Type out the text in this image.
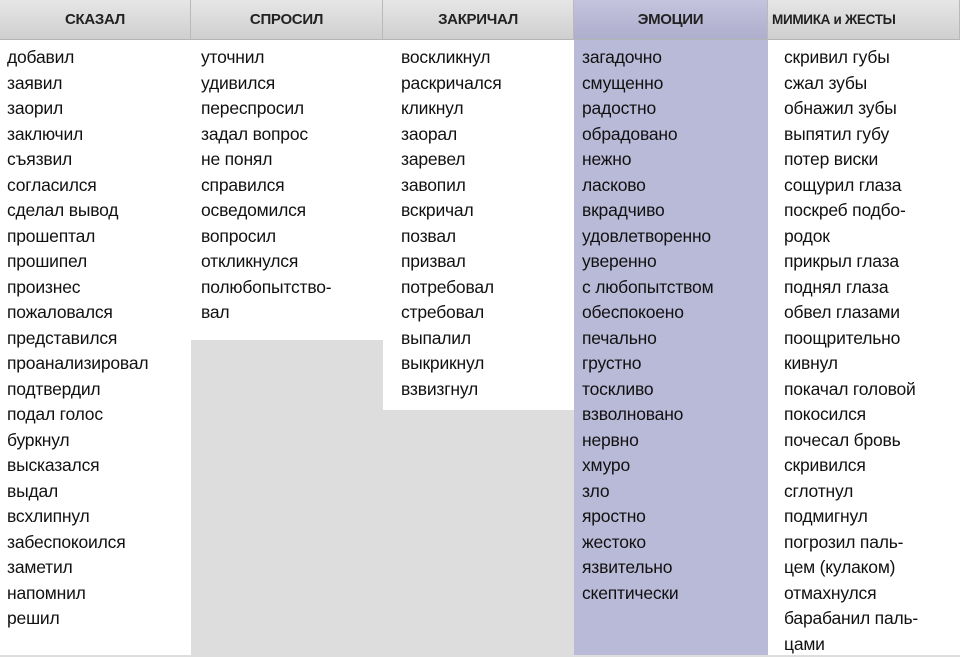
СКАЗАЛ
добавил
заявил
заорил
заключил
съязвил
согласился
сделал вывод
прошептал
прошипел
произнес
пожаловался
представился
проанализировал
подтвердил
подал голос
буркнул
высказался
выдал
всхлипнул
забеспокоился
заметил
напомнил
решил
СПРОСИЛ
уточнил
удивился
переспросил
задал вопрос
не понял
справился
осведомился
вопросил
откликнулся
полюбопытство-
вал
ЗАКРИЧАЛ
воскликнул
раскричался
кликнул
заорал
заревел
завопил
вскричал
позвал
призвал
потребовал
стребовал
выпалил
выкрикнул
взвизгнул
ЭМОЦИИ
загадочно
смущенно
радостно
обрадовано
нежно
ласково
вкрадчиво
удовлетворенно
уверенно
с любопытством
обеспокоено
печально
грустно
тоскливо
взволновано
нервно
хмуро
зло
яростно
жестоко
язвительно
скептически
МИМИКА и ЖЕСТЫ
скривил губы
сжал зубы
обнажил зубы
выпятил губу
потер виски
сощурил глаза
поскреб подбо-
родок
прикрыл глаза
поднял глаза
обвел глазами
поощрительно
кивнул
покачал головой
покосился
почесал бровь
скривился
сглотнул
подмигнул
погрозил паль-
цем (кулаком)
отмахнулся
барабанил паль-
цами
